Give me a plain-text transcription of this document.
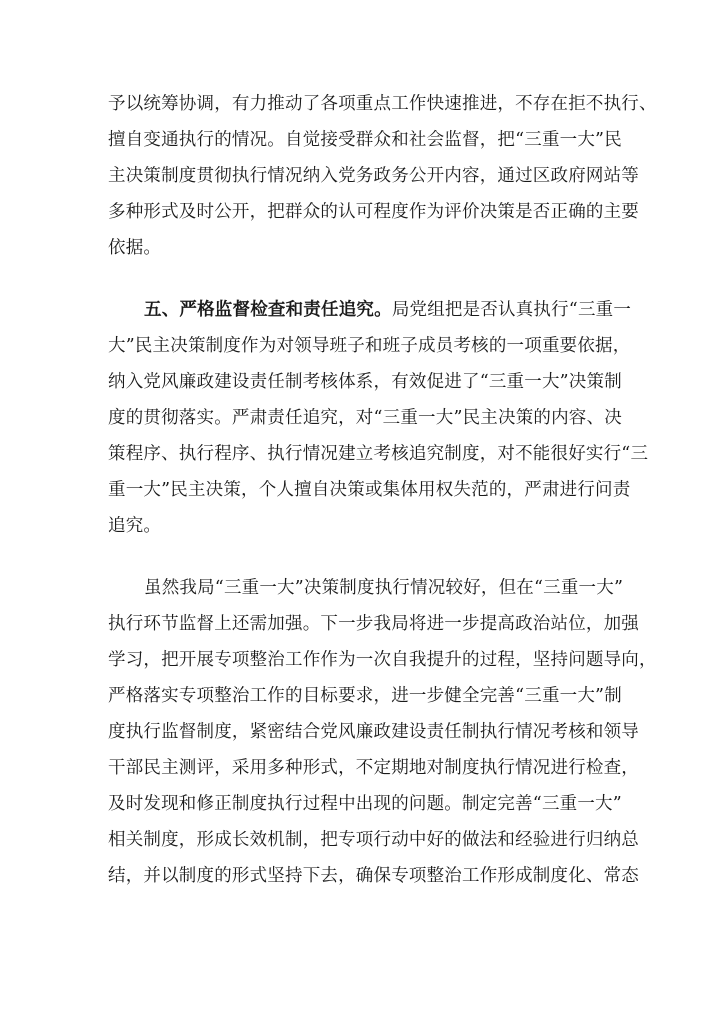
予以统筹协调，有力推动了各项重点工作快速推进，不存在拒不执行、
擅自变通执行的情况。自觉接受群众和社会监督，把“三重一大”民
主决策制度贯彻执行情况纳入党务政务公开内容，通过区政府网站等
多种形式及时公开，把群众的认可程度作为评价决策是否正确的主要
依据。
五、严格监督检查和责任追究。局党组把是否认真执行“三重一
大”民主决策制度作为对领导班子和班子成员考核的一项重要依据，
纳入党风廉政建设责任制考核体系，有效促进了“三重一大”决策制
度的贯彻落实。严肃责任追究，对“三重一大”民主决策的内容、决
策程序、执行程序、执行情况建立考核追究制度，对不能很好实行“三
重一大”民主决策，个人擅自决策或集体用权失范的，严肃进行问责
追究。
虽然我局“三重一大”决策制度执行情况较好，但在“三重一大”
执行环节监督上还需加强。下一步我局将进一步提高政治站位，加强
学习，把开展专项整治工作作为一次自我提升的过程，坚持问题导向，
严格落实专项整治工作的目标要求，进一步健全完善“三重一大”制
度执行监督制度，紧密结合党风廉政建设责任制执行情况考核和领导
干部民主测评，采用多种形式，不定期地对制度执行情况进行检查，
及时发现和修正制度执行过程中出现的问题。制定完善“三重一大”
相关制度，形成长效机制，把专项行动中好的做法和经验进行归纳总
结，并以制度的形式坚持下去，确保专项整治工作形成制度化、常态
